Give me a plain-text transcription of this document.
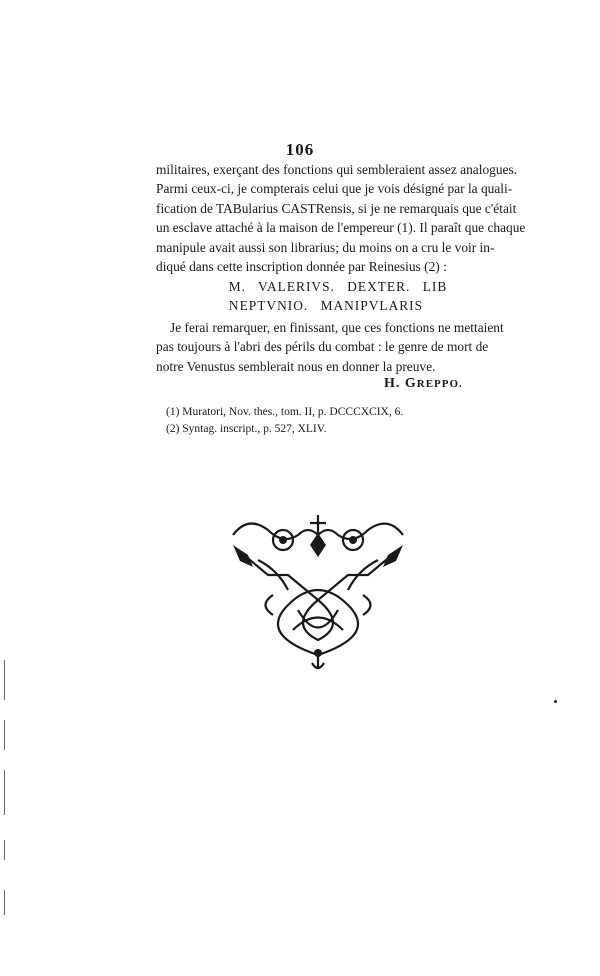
106
militaires, exerçant des fonctions qui sembleraient assez analogues.
Parmi ceux-ci, je compterais celui que je vois désigné par la quali-
fication de TABularius CASTRensis, si je ne remarquais que c'était
un esclave attaché à la maison de l'empereur (1). Il paraît que chaque
manipule avait aussi son librarius; du moins on a cru le voir in-
diqué dans cette inscription donnée par Reinesius (2) :
M. VALERIVS. DEXTER. LIB
NEPTVNIO. MANIPVLARIS
Je ferai remarquer, en finissant, que ces fonctions ne mettaient
pas toujours à l'abri des périls du combat : le genre de mort de
notre Venustus semblerait nous en donner la preuve.
H. GREPPO.
(1) Muratori, Nov. thes., tom. II, p. DCCCXCIX, 6.
(2) Syntag. inscript., p. 527, XLIV.
